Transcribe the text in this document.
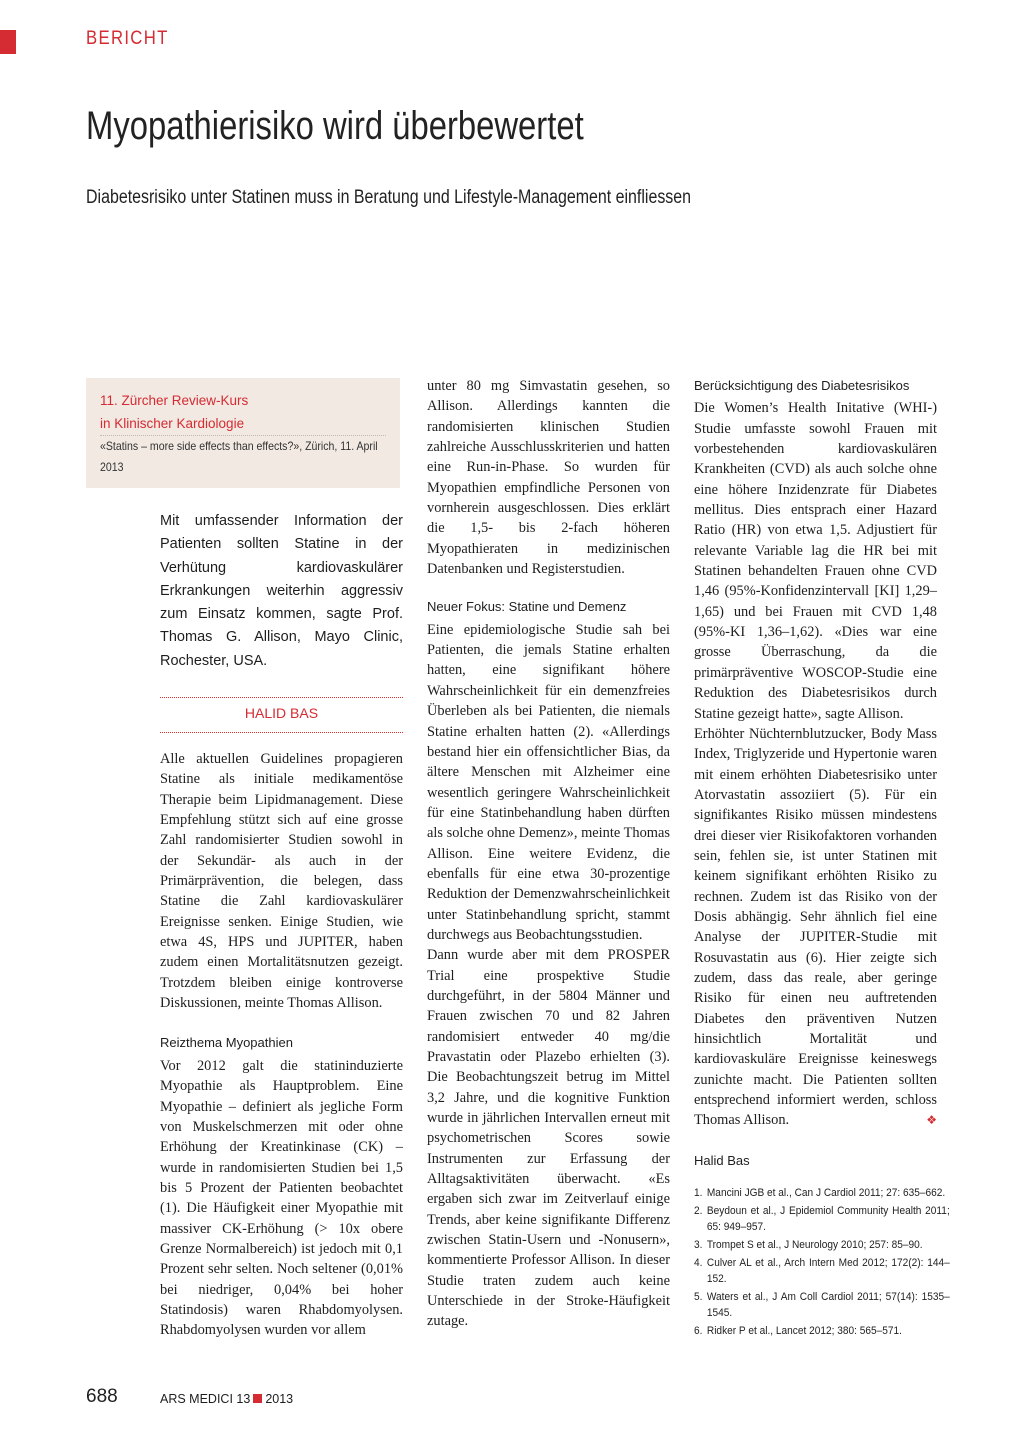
BERICHT
Myopathierisiko wird überbewertet
Diabetesrisiko unter Statinen muss in Beratung und Lifestyle-Management einfliessen
11. Zürcher Review-Kurs
in Klinischer Kardiologie
«Statins – more side effects than effects?», Zürich, 11. April 2013
Mit umfassender Information der Patienten sollten Statine in der Verhütung kardiovaskulärer Erkrankungen weiterhin aggressiv zum Einsatz kommen, sagte Prof. Thomas G. Allison, Mayo Clinic, Rochester, USA.
HALID BAS

Alle aktuellen Guidelines propagieren Statine als initiale medikamentöse Therapie beim Lipidmanagement. Diese Empfehlung stützt sich auf eine grosse Zahl randomisierter Studien sowohl in der Sekundär- als auch in der Primärprävention, die belegen, dass Statine die Zahl kardiovaskulärer Ereignisse senken. Einige Studien, wie etwa 4S, HPS und JUPITER, haben zudem einen Mortalitätsnutzen gezeigt. Trotzdem bleiben einige kontroverse Diskussionen, meinte Thomas Allison.

Reizthema Myopathien

Vor 2012 galt die statininduzierte Myopathie als Hauptproblem. Eine Myopathie – definiert als jegliche Form von Muskelschmerzen mit oder ohne Erhöhung der Kreatinkinase (CK) – wurde in randomisierten Studien bei 1,5 bis 5 Prozent der Patienten beobachtet (1). Die Häufigkeit einer Myopathie mit massiver CK-Erhöhung (> 10x obere Grenze Normalbereich) ist jedoch mit 0,1 Prozent sehr selten. Noch seltener (0,01% bei niedriger, 0,04% bei hoher Statindosis) waren Rhabdomyolysen. Rhabdomyolysen wurden vor allem

unter 80 mg Simvastatin gesehen, so Allison. Allerdings kannten die randomisierten klinischen Studien zahlreiche Ausschlusskriterien und hatten eine Run-in-Phase. So wurden für Myopathien empfindliche Personen von vornherein ausgeschlossen. Dies erklärt die 1,5- bis 2-fach höheren Myopathieraten in medizinischen Datenbanken und Registerstudien.

Neuer Fokus: Statine und Demenz

Eine epidemiologische Studie sah bei Patienten, die jemals Statine erhalten hatten, eine signifikant höhere Wahrscheinlichkeit für ein demenzfreies Überleben als bei Patienten, die niemals Statine erhalten hatten (2). «Allerdings bestand hier ein offensichtlicher Bias, da ältere Menschen mit Alzheimer eine wesentlich geringere Wahrscheinlichkeit für eine Statinbehandlung haben dürften als solche ohne Demenz», meinte Thomas Allison. Eine weitere Evidenz, die ebenfalls für eine etwa 30-prozentige Reduktion der Demenzwahrscheinlichkeit unter Statinbehandlung spricht, stammt durchwegs aus Beobachtungsstudien.

Dann wurde aber mit dem PROSPER Trial eine prospektive Studie durchgeführt, in der 5804 Männer und Frauen zwischen 70 und 82 Jahren randomisiert entweder 40 mg/die Pravastatin oder Plazebo erhielten (3). Die Beobachtungszeit betrug im Mittel 3,2 Jahre, und die kognitive Funktion wurde in jährlichen Intervallen erneut mit psychometrischen Scores sowie Instrumenten zur Erfassung der Alltagsaktivitäten überwacht. «Es ergaben sich zwar im Zeitverlauf einige Trends, aber keine signifikante Differenz zwischen Statin-Usern und -Nonusern», kommentierte Professor Allison. In dieser Studie traten zudem auch keine Unterschiede in der Stroke-Häufigkeit zutage.

Berücksichtigung des Diabetesrisikos

Die Women’s Health Initative (WHI-) Studie umfasste sowohl Frauen mit vorbestehenden kardiovaskulären Krankheiten (CVD) als auch solche ohne eine höhere Inzidenzrate für Diabetes mellitus. Dies entsprach einer Hazard Ratio (HR) von etwa 1,5. Adjustiert für relevante Variable lag die HR bei mit Statinen behandelten Frauen ohne CVD 1,46 (95%-Konfidenzintervall [KI] 1,29–1,65) und bei Frauen mit CVD 1,48 (95%-KI 1,36–1,62). «Dies war eine grosse Überraschung, da die primärpräventive WOSCOP-Studie eine Reduktion des Diabetesrisikos durch Statine gezeigt hatte», sagte Allison.

Erhöhter Nüchternblutzucker, Body Mass Index, Triglyzeride und Hypertonie waren mit einem erhöhten Diabetesrisiko unter Atorvastatin assoziiert (5). Für ein signifikantes Risiko müssen mindestens drei dieser vier Risikofaktoren vorhanden sein, fehlen sie, ist unter Statinen mit keinem signifikant erhöhten Risiko zu rechnen. Zudem ist das Risiko von der Dosis abhängig. Sehr ähnlich fiel eine Analyse der JUPITER-Studie mit Rosuvastatin aus (6). Hier zeigte sich zudem, dass das reale, aber geringe Risiko für einen neu auftretenden Diabetes den präventiven Nutzen hinsichtlich Mortalität und kardiovaskuläre Ereignisse keineswegs zunichte macht. Die Patienten sollten entsprechend informiert werden, schloss Thomas Allison.	❖

Halid Bas
1. Mancini JGB et al., Can J Cardiol 2011; 27: 635–662.
2. Beydoun et al., J Epidemiol Community Health 2011; 65: 949–957.
3. Trompet S et al., J Neurology 2010; 257: 85–90.
4. Culver AL et al., Arch Intern Med 2012; 172(2): 144–152.
5. Waters et al., J Am Coll Cardiol 2011; 57(14): 1535–1545.
6. Ridker P et al., Lancet 2012; 380: 565–571.
688	ARS MEDICI 13 2013
